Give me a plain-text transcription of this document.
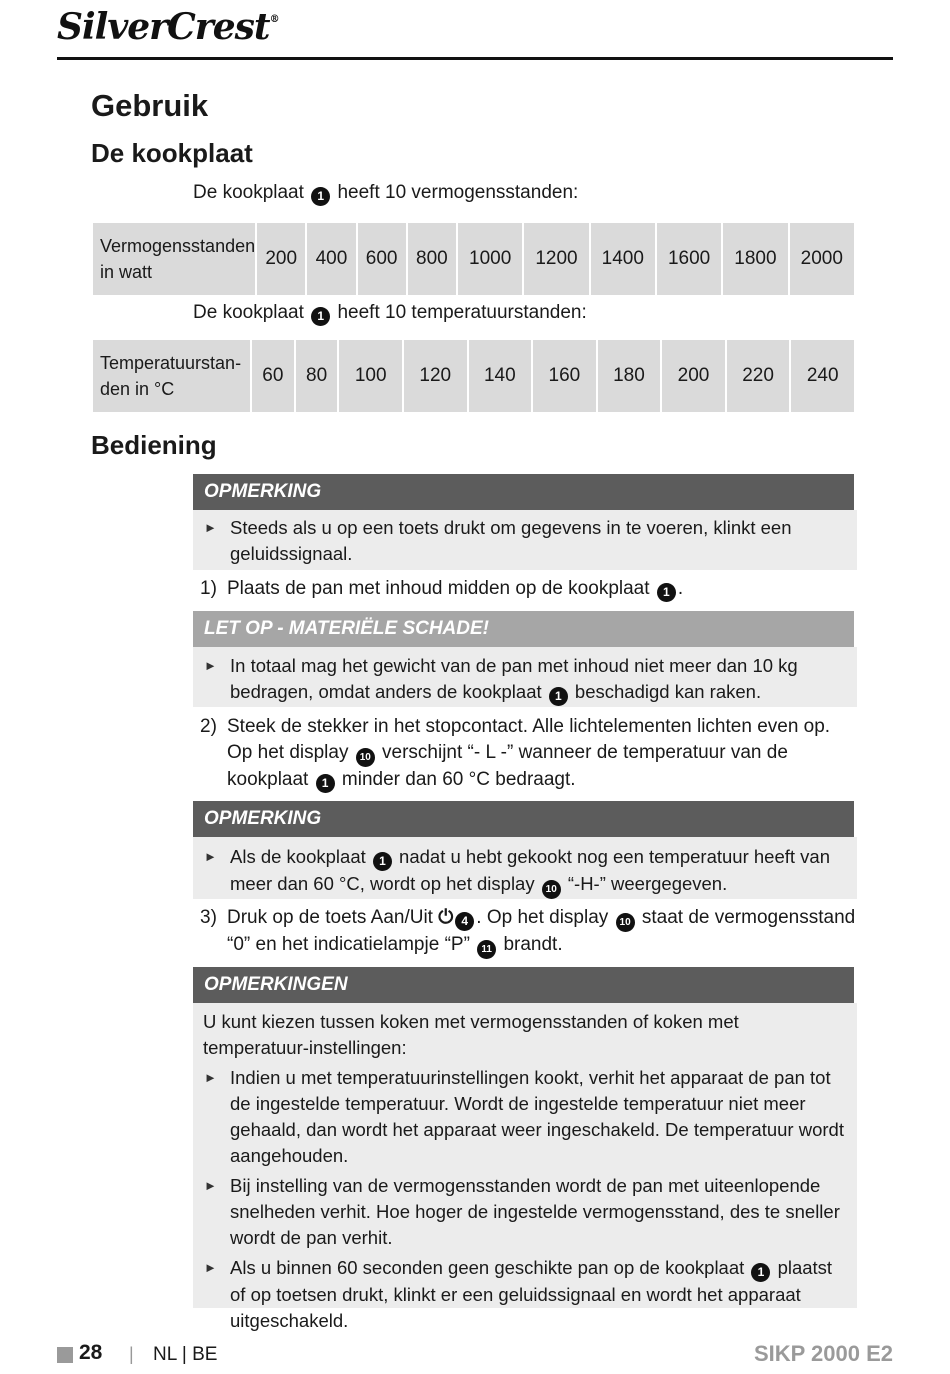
SilverCrest®
Gebruik
De kookplaat

De kookplaat 1 heeft 10 vermogensstanden:

Vermogensstanden in watt	200	400	600	800	1000	1200	1400	1600	1800	2000

De kookplaat 1 heeft 10 temperatuurstanden:

Temperatuurstan-den in °C	60	80	100	120	140	160	180	200	220	240
Bediening
OPMERKING
► Steeds als u op een toets drukt om gegevens in te voeren, klinkt een geluidssignaal.
1) Plaats de pan met inhoud midden op de kookplaat 1 .
LET OP - MATERIËLE SCHADE!
► In totaal mag het gewicht van de pan met inhoud niet meer dan 10 kg bedragen, omdat anders de kookplaat 1 beschadigd kan raken.
2) Steek de stekker in het stopcontact. Alle lichtelementen lichten even op. Op het display 10 verschijnt “- L -” wanneer de temperatuur van de kookplaat 1 minder dan 60 °C bedraagt.
OPMERKING
► Als de kookplaat 1 nadat u hebt gekookt nog een temperatuur heeft van meer dan 60 °C, wordt op het display 10 “-H-” weergegeven.
3) Druk op de toets Aan/Uit ⏻ 4 . Op het display 10 staat de vermogensstand “0” en het indicatielampje “P” 11 brandt.
OPMERKINGEN
U kunt kiezen tussen koken met vermogensstanden of koken met temperatuur-instellingen:
► Indien u met temperatuurinstellingen kookt, verhit het apparaat de pan tot de ingestelde temperatuur. Wordt de ingestelde temperatuur niet meer gehaald, dan wordt het apparaat weer ingeschakeld. De temperatuur wordt aangehouden.
► Bij instelling van de vermogensstanden wordt de pan met uiteenlopende snelheden verhit. Hoe hoger de ingestelde vermogensstand, des te sneller wordt de pan verhit.
► Als u binnen 60 seconden geen geschikte pan op de kookplaat 1 plaatst of op toetsen drukt, klinkt er een geluidssignaal en wordt het apparaat uitgeschakeld.
28 | NL | BE	SIKP 2000 E2
